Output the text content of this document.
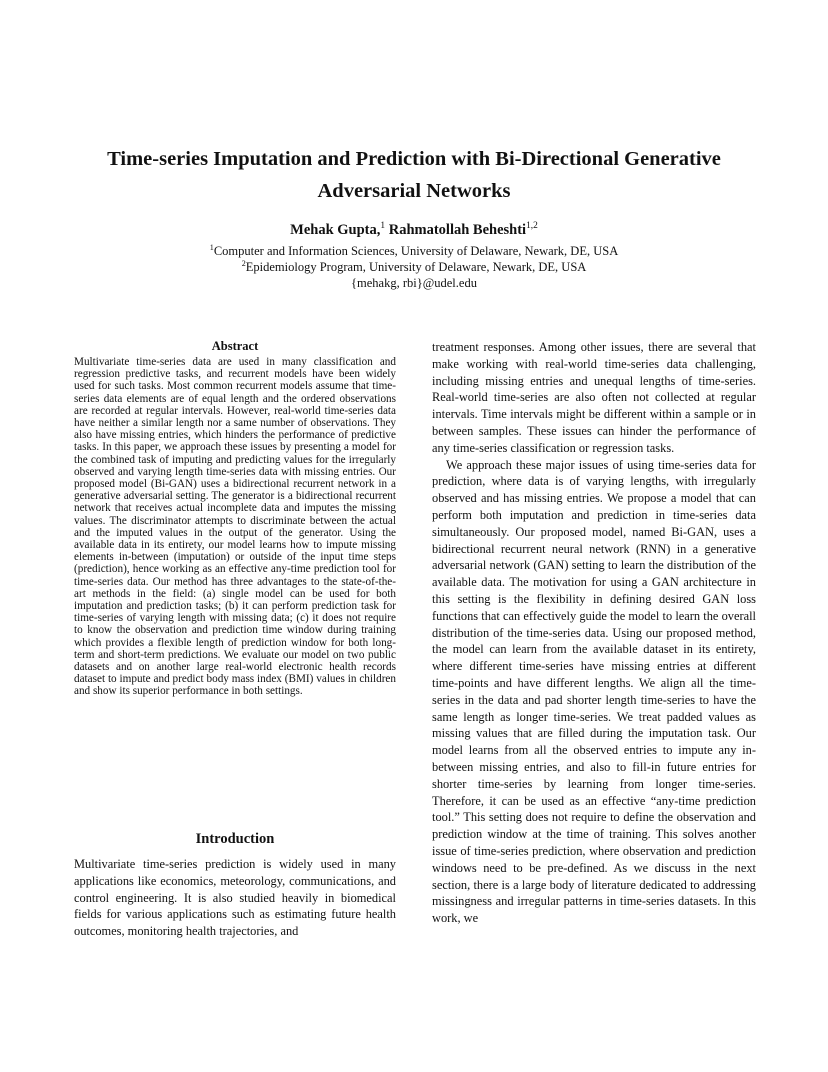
Time-series Imputation and Prediction with Bi-Directional Generative Adversarial Networks
Mehak Gupta,$^1$ Rahmatollah Beheshti$^{1,2}$
$^1$Computer and Information Sciences, University of Delaware, Newark, DE, USA
$^2$Epidemiology Program, University of Delaware, Newark, DE, USA
{mehakg, rbi}@udel.edu
Abstract

Multivariate time-series data are used in many classification and regression predictive tasks, and recurrent models have been widely used for such tasks. Most common recurrent models assume that time-series data elements are of equal length and the ordered observations are recorded at regular intervals. However, real-world time-series data have neither a similar length nor a same number of observations. They also have missing entries, which hinders the performance of predictive tasks. In this paper, we approach these issues by presenting a model for the combined task of imputing and predicting values for the irregularly observed and varying length time-series data with missing entries. Our proposed model (Bi-GAN) uses a bidirectional recurrent network in a generative adversarial setting. The generator is a bidirectional recurrent network that receives actual incomplete data and imputes the missing values. The discriminator attempts to discriminate between the actual and the imputed values in the output of the generator. Using the available data in its entirety, our model learns how to impute missing elements in-between (imputation) or outside of the input time steps (prediction), hence working as an effective any-time prediction tool for time-series data. Our method has three advantages to the state-of-the-art methods in the field: (a) single model can be used for both imputation and prediction tasks; (b) it can perform prediction task for time-series of varying length with missing data; (c) it does not require to know the observation and prediction time window during training which provides a flexible length of prediction window for both long-term and short-term predictions. We evaluate our model on two public datasets and on another large real-world electronic health records dataset to impute and predict body mass index (BMI) values in children and show its superior performance in both settings.

Introduction

Multivariate time-series prediction is widely used in many applications like economics, meteorology, communications, and control engineering. It is also studied heavily in biomedical fields for various applications such as estimating future health outcomes, monitoring health trajectories, and

treatment responses. Among other issues, there are several that make working with real-world time-series data challenging, including missing entries and unequal lengths of time-series. Real-world time-series are also often not collected at regular intervals. Time intervals might be different within a sample or in between samples. These issues can hinder the performance of any time-series classification or regression tasks.

We approach these major issues of using time-series data for prediction, where data is of varying lengths, with irregularly observed and has missing entries. We propose a model that can perform both imputation and prediction in time-series data simultaneously. Our proposed model, named Bi-GAN, uses a bidirectional recurrent neural network (RNN) in a generative adversarial network (GAN) setting to learn the distribution of the available data. The motivation for using a GAN architecture in this setting is the flexibility in defining desired GAN loss functions that can effectively guide the model to learn the overall distribution of the time-series data. Using our proposed method, the model can learn from the available dataset in its entirety, where different time-series have missing entries at different time-points and have different lengths. We align all the time-series in the data and pad shorter length time-series to have the same length as longer time-series. We treat padded values as missing values that are filled during the imputation task. Our model learns from all the observed entries to impute any in-between missing entries, and also to fill-in future entries for shorter time-series by learning from longer time-series. Therefore, it can be used as an effective “any-time prediction tool.” This setting does not require to define the observation and prediction window at the time of training. This solves another issue of time-series prediction, where observation and prediction windows need to be pre-defined. As we discuss in the next section, there is a large body of literature dedicated to addressing missingness and irregular patterns in time-series datasets. In this work, we
